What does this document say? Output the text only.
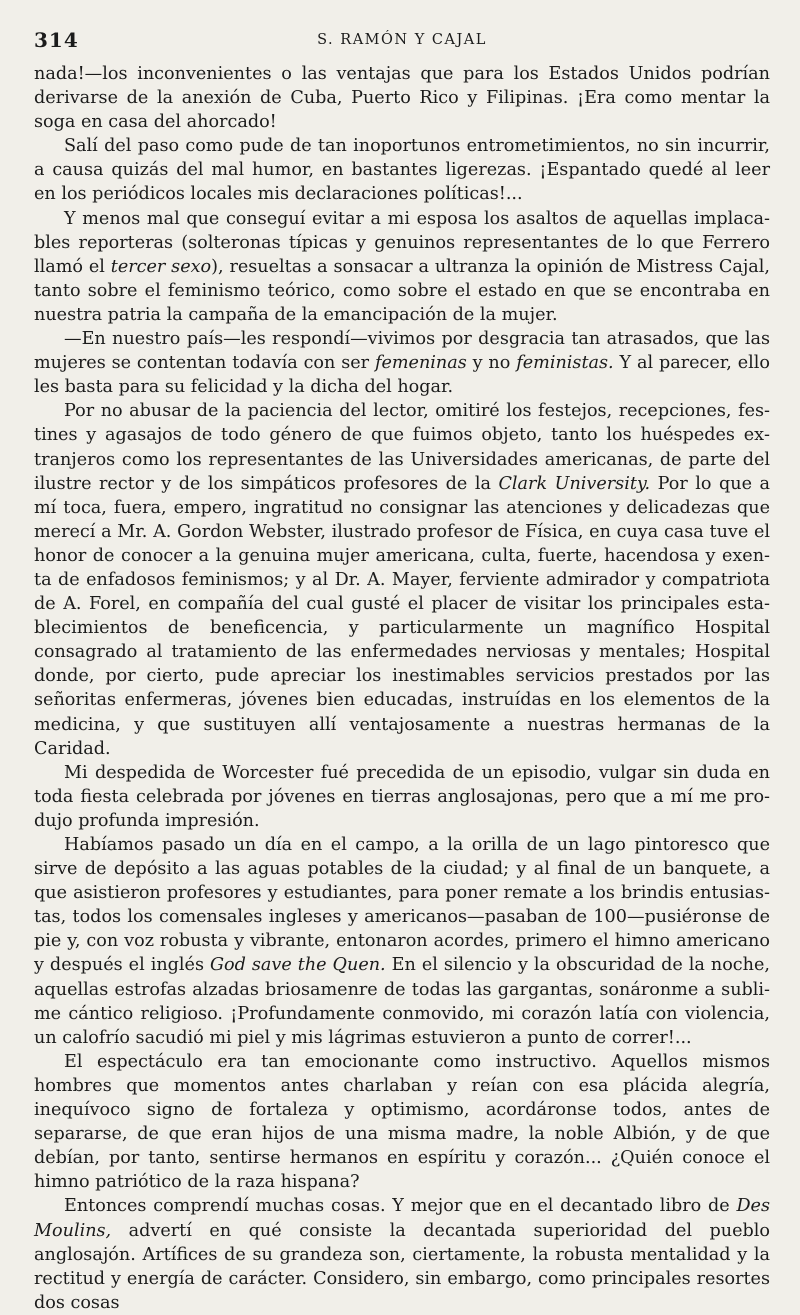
314	S. RAMÓN Y CAJAL

nada!—los inconvenientes o las ventajas que para los Estados Unidos podrían derivarse de la anexión de Cuba, Puerto Rico y Filipinas. ¡Era como mentar la soga en casa del ahorcado!

Salí del paso como pude de tan inoportunos entrometimientos, no sin incurrir, a causa quizás del mal humor, en bastantes ligerezas. ¡Espantado quedé al leer en los periódicos locales mis declaraciones políticas!...

Y menos mal que conseguí evitar a mi esposa los asaltos de aquellas implacables reporteras (solteronas típicas y genuinos representantes de lo que Ferrero llamó el tercer sexo), resueltas a sonsacar a ultranza la opinión de Mistress Cajal, tanto sobre el feminismo teórico, como sobre el estado en que se encontraba en nuestra patria la campaña de la emancipación de la mujer.

—En nuestro país—les respondí—vivimos por desgracia tan atrasados, que las mujeres se contentan todavía con ser femeninas y no feministas. Y al parecer, ello les basta para su felicidad y la dicha del hogar.

Por no abusar de la paciencia del lector, omitiré los festejos, recepciones, festines y agasajos de todo género de que fuimos objeto, tanto los huéspedes extranjeros como los representantes de las Universidades americanas, de parte del ilustre rector y de los simpáticos profesores de la Clark University. Por lo que a mí toca, fuera, empero, ingratitud no consignar las atenciones y delicadezas que merecí a Mr. A. Gordon Webster, ilustrado profesor de Física, en cuya casa tuve el honor de conocer a la genuina mujer americana, culta, fuerte, hacendosa y exenta de enfadosos feminismos; y al Dr. A. Mayer, ferviente admirador y compatriota de A. Forel, en compañía del cual gusté el placer de visitar los principales establecimientos de beneficencia, y particularmente un magnífico Hospital consagrado al tratamiento de las enfermedades nerviosas y mentales; Hospital donde, por cierto, pude apreciar los inestimables servicios prestados por las señoritas enfermeras, jóvenes bien educadas, instruídas en los elementos de la medicina, y que sustituyen allí ventajosamente a nuestras hermanas de la Caridad.

Mi despedida de Worcester fué precedida de un episodio, vulgar sin duda en toda fiesta celebrada por jóvenes en tierras anglosajonas, pero que a mí me produjo profunda impresión.

Habíamos pasado un día en el campo, a la orilla de un lago pintoresco que sirve de depósito a las aguas potables de la ciudad; y al final de un banquete, a que asistieron profesores y estudiantes, para poner remate a los brindis entusiastas, todos los comensales ingleses y americanos—pasaban de 100—pusiéronse de pie y, con voz robusta y vibrante, entonaron acordes, primero el himno americano y después el inglés God save the Quen. En el silencio y la obscuridad de la noche, aquellas estrofas alzadas briosamenre de todas las gargantas, sonáronme a sublime cántico religioso. ¡Profundamente conmovido, mi corazón latía con violencia, un calofrío sacudió mi piel y mis lágrimas estuvieron a punto de correr!...

El espectáculo era tan emocionante como instructivo. Aquellos mismos hombres que momentos antes charlaban y reían con esa plácida alegría, inequívoco signo de fortaleza y optimismo, acordáronse todos, antes de separarse, de que eran hijos de una misma madre, la noble Albión, y de que debían, por tanto, sentirse hermanos en espíritu y corazón... ¿Quién conoce el himno patriótico de la raza hispana?

Entonces comprendí muchas cosas. Y mejor que en el decantado libro de Des Moulins, advertí en qué consiste la decantada superioridad del pueblo anglosajón. Artífices de su grandeza son, ciertamente, la robusta mentalidad y la rectitud y energía de carácter. Considero, sin embargo, como principales resortes dos cosas
